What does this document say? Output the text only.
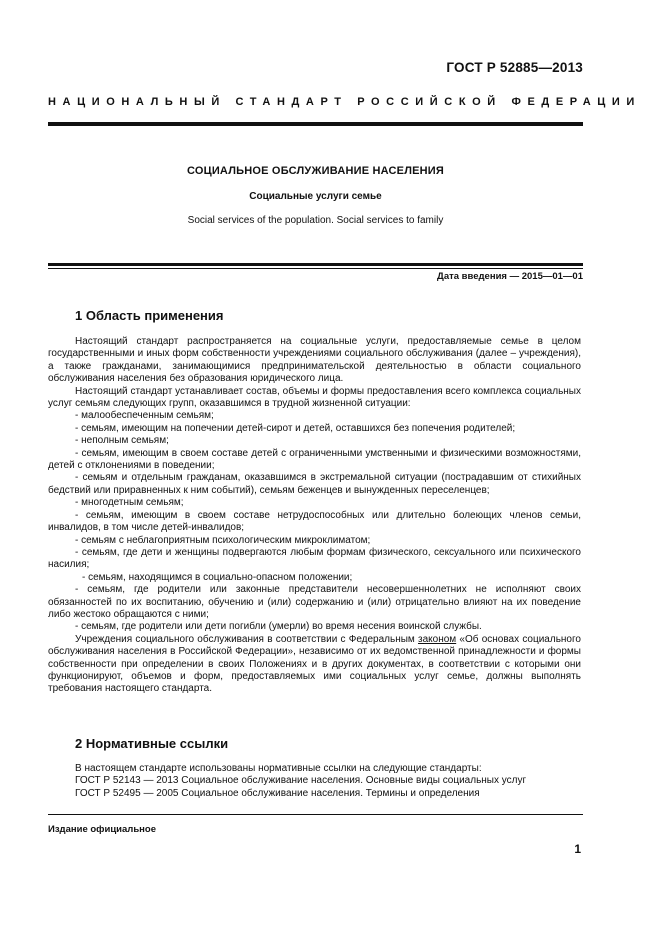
ГОСТ Р 52885—2013
НАЦИОНАЛЬНЫЙ СТАНДАРТ РОССИЙСКОЙ ФЕДЕРАЦИИ
СОЦИАЛЬНОЕ ОБСЛУЖИВАНИЕ НАСЕЛЕНИЯ
Социальные услуги семье
Social services of the population. Social services to family
Дата введения — 2015—01—01
1 Область применения

Настоящий стандарт распространяется на социальные услуги, предоставляемые семье в целом государственными и иных форм собственности учреждениями социального обслуживания (далее – учреждения), а также гражданами, занимающимися предпринимательской деятельностью в области социального обслуживания населения без образования юридического лица.

Настоящий стандарт устанавливает состав, объемы и формы предоставления всего комплекса социальных услуг семьям следующих групп, оказавшимся в трудной жизненной ситуации:

- малообеспеченным семьям;

- семьям, имеющим на попечении детей-сирот и детей, оставшихся без попечения родителей;

- неполным семьям;

- семьям, имеющим в своем составе детей с ограниченными умственными и физическими возможностями, детей с отклонениями в поведении;

- семьям и отдельным гражданам, оказавшимся в экстремальной ситуации (пострадавшим от стихийных бедствий или приравненных к ним событий), семьям беженцев и вынужденных переселенцев;

- многодетным семьям;

- семьям, имеющим в своем составе нетрудоспособных или длительно болеющих членов семьи, инвалидов, в том числе детей-инвалидов;

- семьям с неблагоприятным психологическим микроклиматом;

- семьям, где дети и женщины подвергаются любым формам физического, сексуального или психического насилия;

- семьям, находящимся в социально-опасном положении;

- семьям, где родители или законные представители несовершеннолетних не исполняют своих обязанностей по их воспитанию, обучению и (или) содержанию и (или) отрицательно влияют на их поведение либо жестоко обращаются с ними;

- семьям, где родители или дети погибли (умерли) во время несения воинской службы.

Учреждения социального обслуживания в соответствии с Федеральным законом «Об основах социального обслуживания населения в Российской Федерации», независимо от их ведомственной принадлежности и формы собственности при определении в своих Положениях и в других документах, в соответствии с которыми они функционируют, объемов и форм, предоставляемых ими социальных услуг семье, должны выполнять требования настоящего стандарта.

2 Нормативные ссылки

В настоящем стандарте использованы нормативные ссылки на следующие стандарты:

ГОСТ Р 52143 — 2013 Социальное обслуживание населения. Основные виды социальных услуг

ГОСТ Р 52495 — 2005 Социальное обслуживание населения. Термины и определения

Издание официальное
1
